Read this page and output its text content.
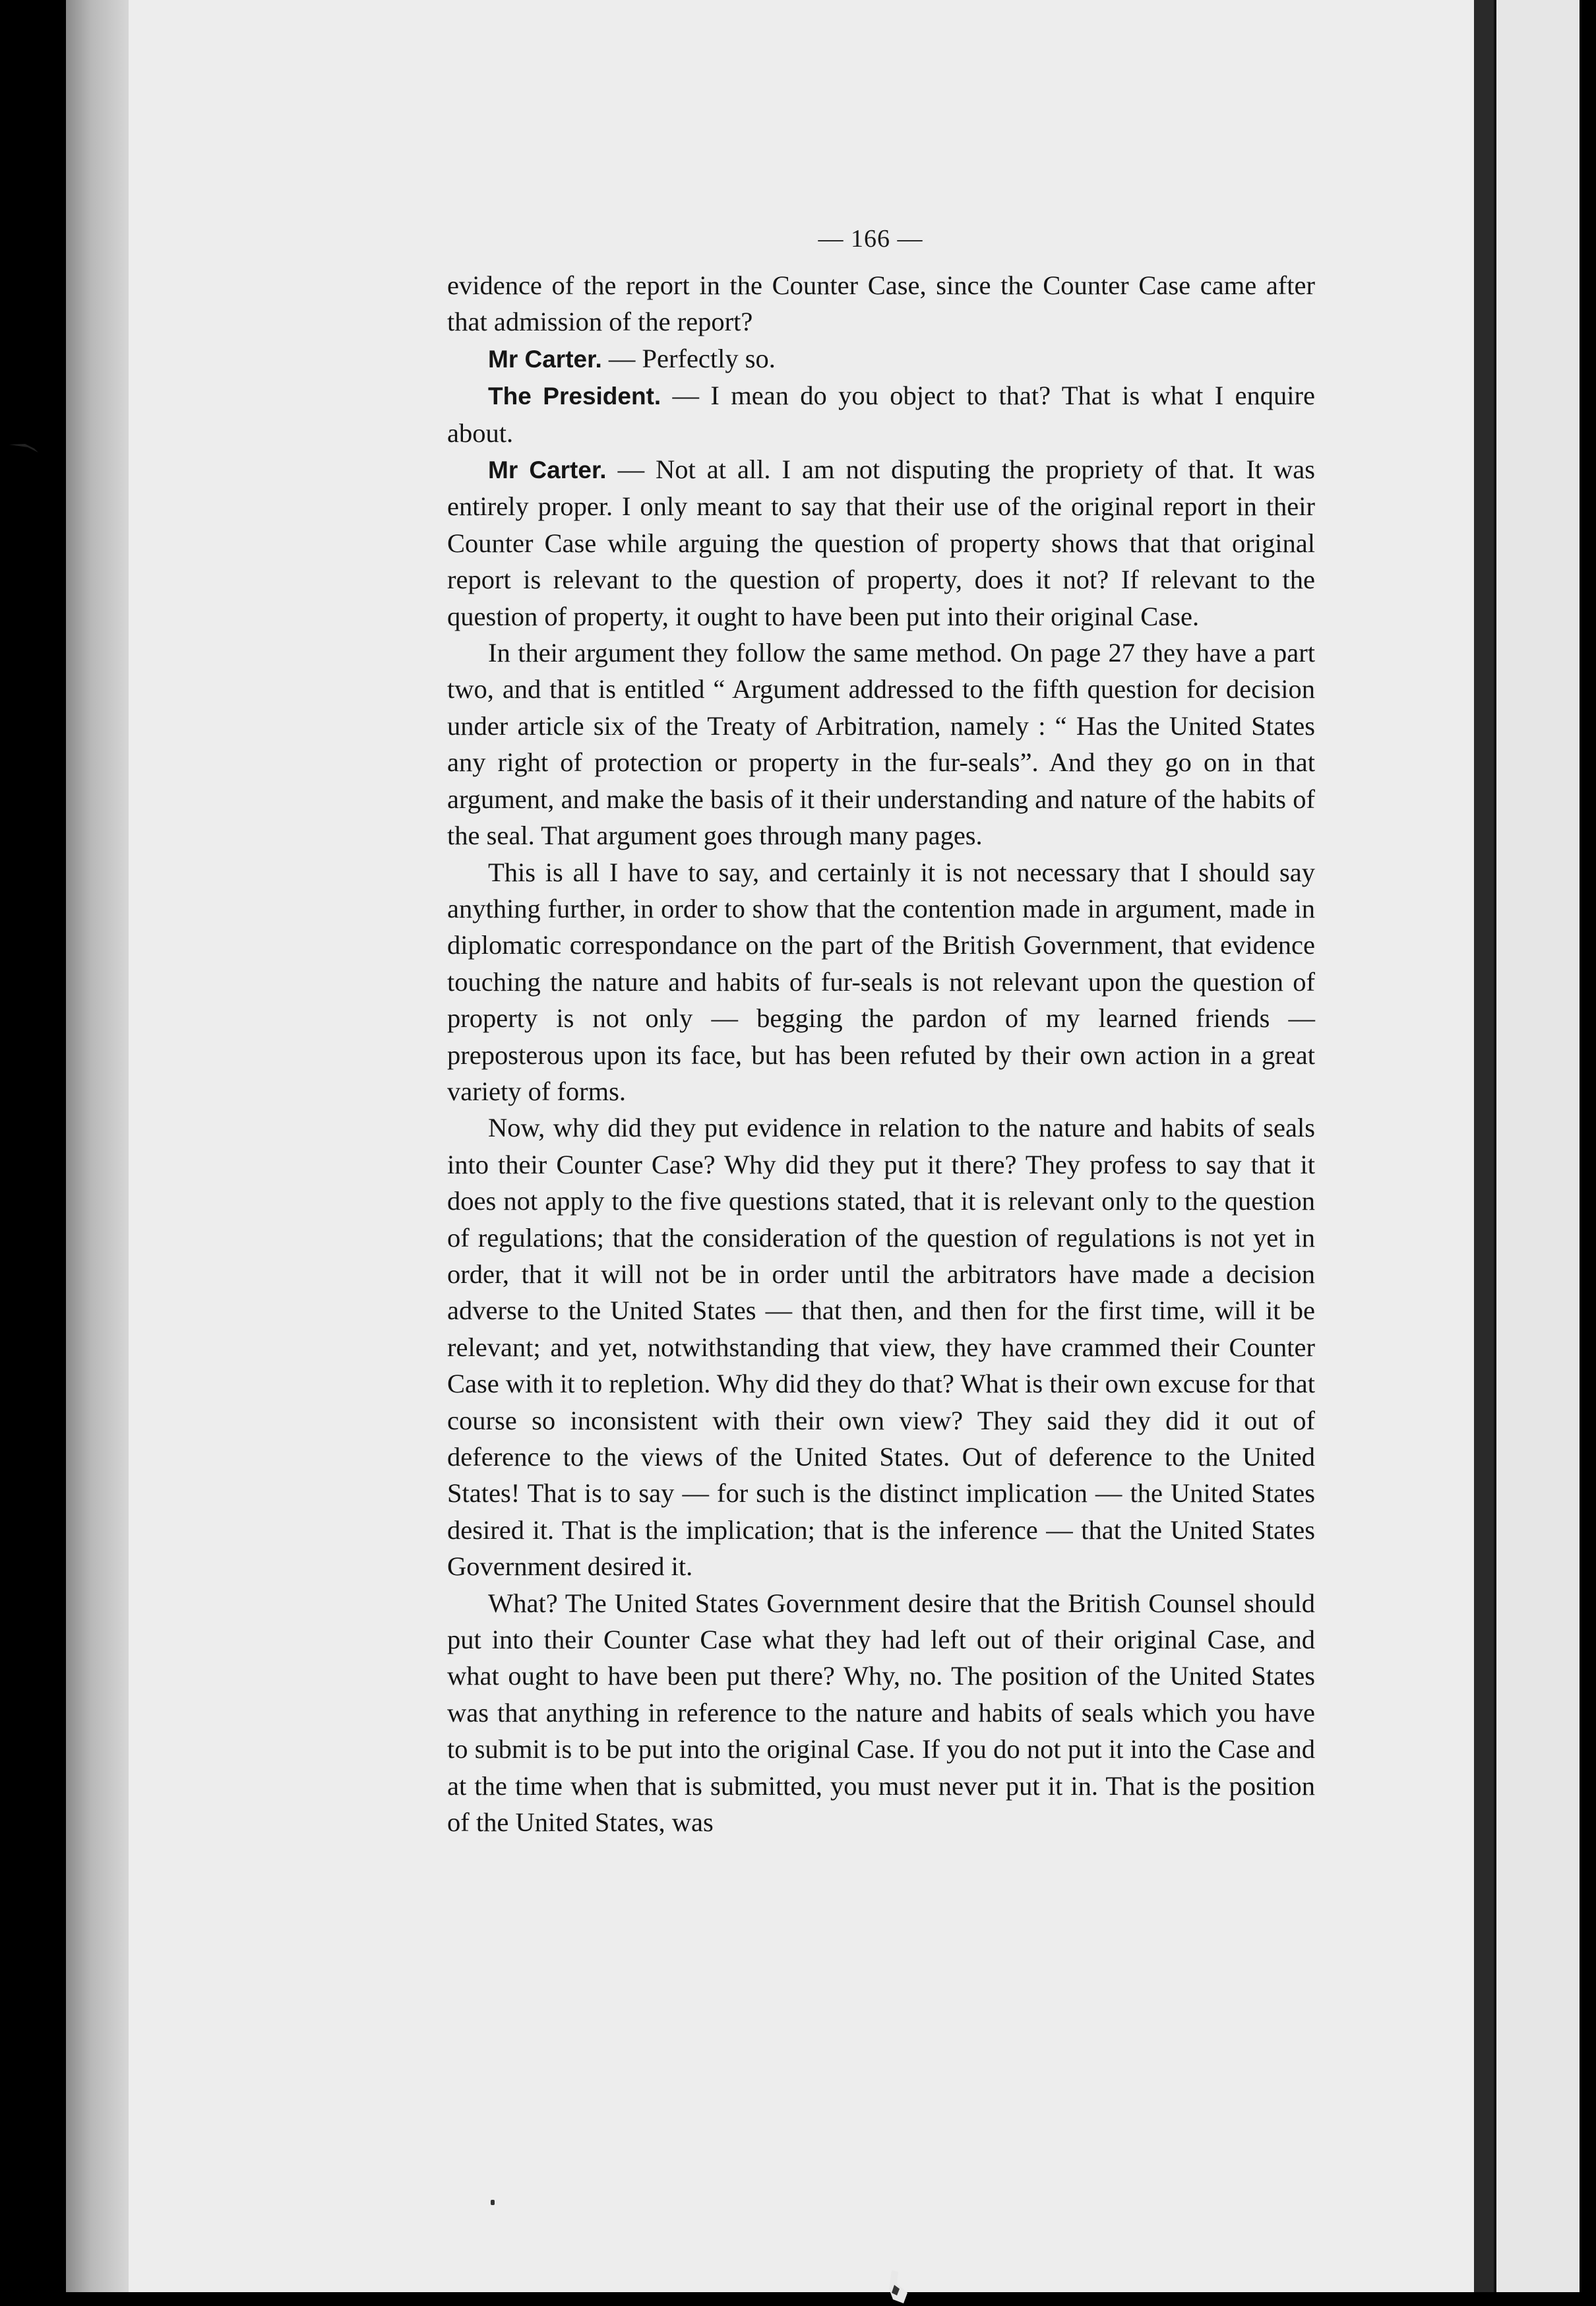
— 166 —

evidence of the report in the Counter Case, since the Counter Case came after that admission of the report?

Mr Carter. — Perfectly so.

The President. — I mean do you object to that? That is what I enquire about.

Mr Carter. — Not at all. I am not disputing the propriety of that. It was entirely proper. I only meant to say that their use of the original report in their Counter Case while arguing the question of property shows that that original report is relevant to the question of property, does it not? If relevant to the question of property, it ought to have been put into their original Case.

In their argument they follow the same method. On page 27 they have a part two, and that is entitled “ Argument addressed to the fifth question for decision under article six of the Treaty of Arbitration, namely : “ Has the United States any right of protection or property in the fur-seals”. And they go on in that argument, and make the basis of it their understanding and nature of the habits of the seal. That argument goes through many pages.

This is all I have to say, and certainly it is not necessary that I should say anything further, in order to show that the contention made in argument, made in diplomatic correspondance on the part of the British Government, that evidence touching the nature and habits of fur-seals is not relevant upon the question of property is not only — begging the pardon of my learned friends — preposterous upon its face, but has been refuted by their own action in a great variety of forms.

Now, why did they put evidence in relation to the nature and habits of seals into their Counter Case? Why did they put it there? They profess to say that it does not apply to the five questions stated, that it is relevant only to the question of regulations; that the consideration of the question of regulations is not yet in order, that it will not be in order until the arbitrators have made a decision adverse to the United States — that then, and then for the first time, will it be relevant; and yet, notwithstanding that view, they have crammed their Counter Case with it to repletion. Why did they do that? What is their own excuse for that course so inconsistent with their own view? They said they did it out of deference to the views of the United States. Out of deference to the United States! That is to say — for such is the distinct implication — the United States desired it. That is the implication; that is the inference — that the United States Government desired it.

What? The United States Government desire that the British Counsel should put into their Counter Case what they had left out of their original Case, and what ought to have been put there? Why, no. The position of the United States was that anything in reference to the nature and habits of seals which you have to submit is to be put into the original Case. If you do not put it into the Case and at the time when that is submitted, you must never put it in. That is the position of the United States, was
